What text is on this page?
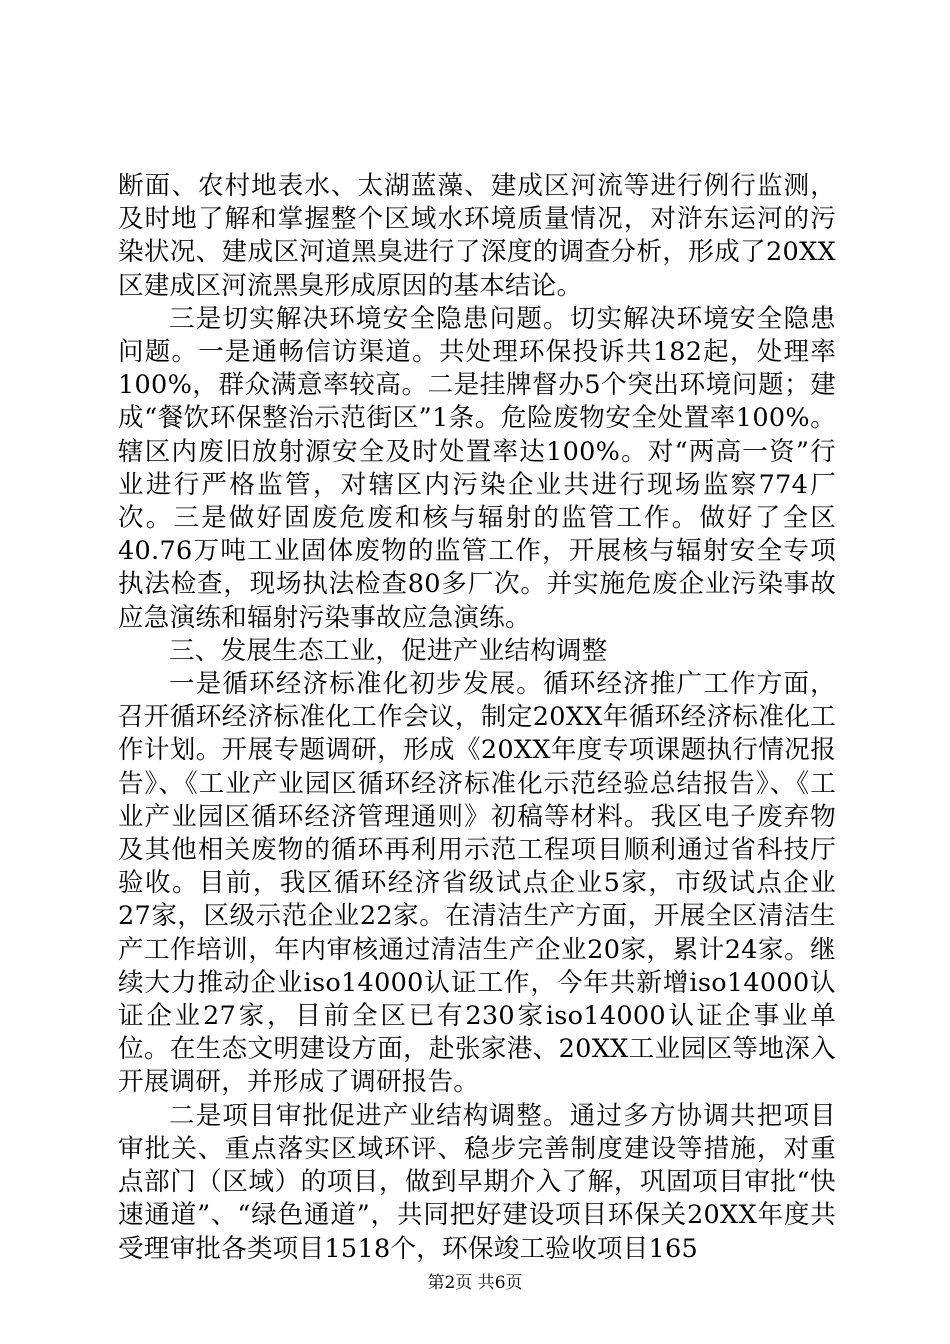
断面、农村地表水、太湖蓝藻、建成区河流等进行例行监测，及时地了解和掌握整个区域水环境质量情况，对浒东运河的污染状况、建成区河道黑臭进行了深度的调查分析，形成了20XX区建成区河流黑臭形成原因的基本结论。

三是切实解决环境安全隐患问题。切实解决环境安全隐患问题。一是通畅信访渠道。共处理环保投诉共182起，处理率100%，群众满意率较高。二是挂牌督办5个突出环境问题；建成“餐饮环保整治示范街区”1条。危险废物安全处置率100%。辖区内废旧放射源安全及时处置率达100%。对“两高一资”行业进行严格监管，对辖区内污染企业共进行现场监察774厂次。三是做好固废危废和核与辐射的监管工作。做好了全区40.76万吨工业固体废物的监管工作，开展核与辐射安全专项执法检查，现场执法检查80多厂次。并实施危废企业污染事故应急演练和辐射污染事故应急演练。

三、发展生态工业，促进产业结构调整

一是循环经济标准化初步发展。循环经济推广工作方面，召开循环经济标准化工作会议，制定20XX年循环经济标准化工作计划。开展专题调研，形成《20XX年度专项课题执行情况报告》、《工业产业园区循环经济标准化示范经验总结报告》、《工业产业园区循环经济管理通则》初稿等材料。我区电子废弃物及其他相关废物的循环再利用示范工程项目顺利通过省科技厅验收。目前，我区循环经济省级试点企业5家，市级试点企业27家，区级示范企业22家。在清洁生产方面，开展全区清洁生产工作培训，年内审核通过清洁生产企业20家，累计24家。继续大力推动企业iso14000认证工作，今年共新增iso14000认证企业27家，目前全区已有230家iso14000认证企事业单位。在生态文明建设方面，赴张家港、20XX工业园区等地深入开展调研，并形成了调研报告。

二是项目审批促进产业结构调整。通过多方协调共把项目审批关、重点落实区域环评、稳步完善制度建设等措施，对重点部门（区域）的项目，做到早期介入了解，巩固项目审批“快速通道”、“绿色通道”，共同把好建设项目环保关20XX年度共受理审批各类项目1518个，环保竣工验收项目165

第2页 共6页
